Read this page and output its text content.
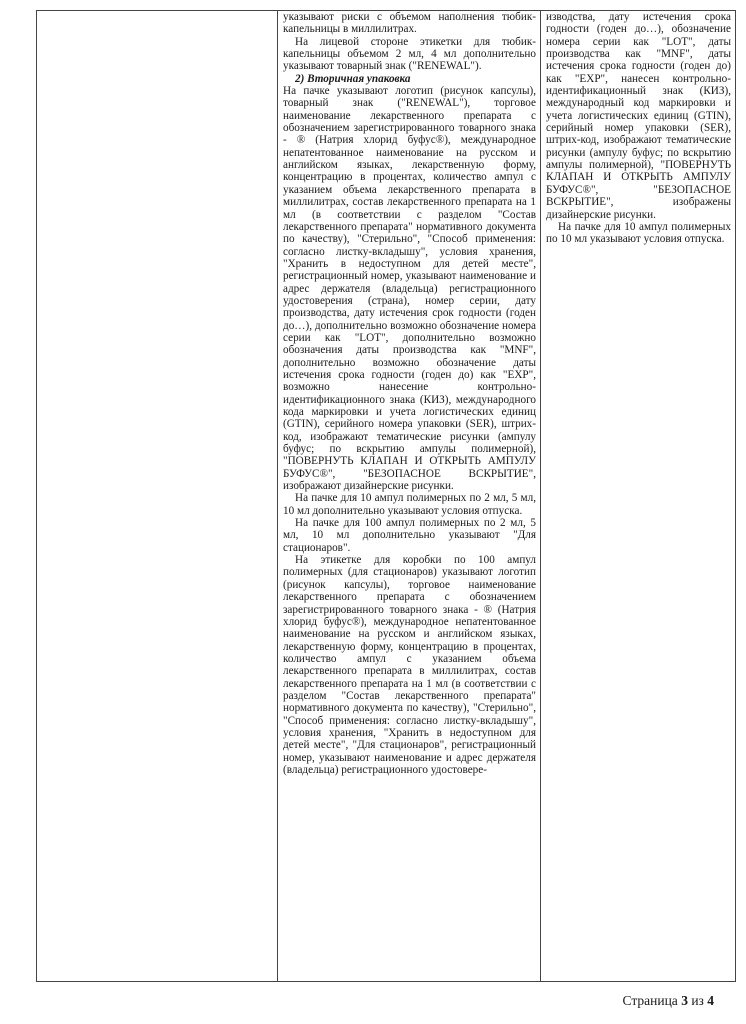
указывают риски с объемом наполнения тюбик-капельницы в миллилитрах.

На лицевой стороне этикетки для тюбик-капельницы объемом 2 мл, 4 мл дополнительно указывают товарный знак ("RENEWAL").

2) Вторичная упаковка

На пачке указывают логотип (рисунок капсулы), товарный знак ("RENEWAL"), торговое наименование лекарственного препарата с обозначением зарегистрированного товарного знака - ® (Натрия хлорид буфус®), международное непатентованное наименование на русском и английском языках, лекарственную форму, концентрацию в процентах, количество ампул с указанием объема лекарственного препарата в миллилитрах, состав лекарственного препарата на 1 мл (в соответствии с разделом "Состав лекарственного препарата" нормативного документа по качеству), "Стерильно", "Способ применения: согласно листку-вкладышу", условия хранения, "Хранить в недоступном для детей месте", регистрационный номер, указывают наименование и адрес держателя (владельца) регистрационного удостоверения (страна), номер серии, дату производства, дату истечения срок годности (годен до…), дополнительно возможно обозначение номера серии как "LOT", дополнительно возможно обозначения даты производства как "MNF", дополнительно возможно обозначение даты истечения срока годности (годен до) как "EXP", возможно нанесение контрольно-идентификационного знака (КИЗ), международного кода маркировки и учета логистических единиц (GTIN), серийного номера упаковки (SER), штрих-код, изображают тематические рисунки (ампулу буфус; по вскрытию ампулы полимерной), "ПОВЕРНУТЬ КЛАПАН И ОТКРЫТЬ АМПУЛУ БУФУС®", "БЕЗОПАСНОЕ ВСКРЫТИЕ", изображают дизайнерские рисунки.

На пачке для 10 ампул полимерных по 2 мл, 5 мл, 10 мл дополнительно указывают условия отпуска.

На пачке для 100 ампул полимерных по 2 мл, 5 мл, 10 мл дополнительно указывают "Для стационаров".

На этикетке для коробки по 100 ампул полимерных (для стационаров) указывают логотип (рисунок капсулы), торговое наименование лекарственного препарата с обозначением зарегистрированного товарного знака - ® (Натрия хлорид буфус®), международное непатентованное наименование на русском и английском языках, лекарственную форму, концентрацию в процентах, количество ампул с указанием объема лекарственного препарата в миллилитрах, состав лекарственного препарата на 1 мл (в соответствии с разделом "Состав лекарственного препарата" нормативного документа по качеству), "Стерильно", "Способ применения: согласно листку-вкладышу", условия хранения, "Хранить в недоступном для детей месте", "Для стационаров", регистрационный номер, указывают наименование и адрес держателя (владельца) регистрационного удостовере-

изводства, дату истечения срока годности (годен до…), обозначение номера серии как "LOT", даты производства как "MNF", даты истечения срока годности (годен до) как "EXP", нанесен контрольно-идентификационный знак (КИЗ), международный код маркировки и учета логистических единиц (GTIN), серийный номер упаковки (SER), штрих-код, изображают тематические рисунки (ампулу буфус; по вскрытию ампулы полимерной), "ПОВЕРНУТЬ КЛАПАН И ОТКРЫТЬ АМПУЛУ БУФУС®", "БЕЗОПАСНОЕ ВСКРЫТИЕ", изображены дизайнерские рисунки.

На пачке для 10 ампул полимерных по 10 мл указывают условия отпуска.

Страница 3 из 4
